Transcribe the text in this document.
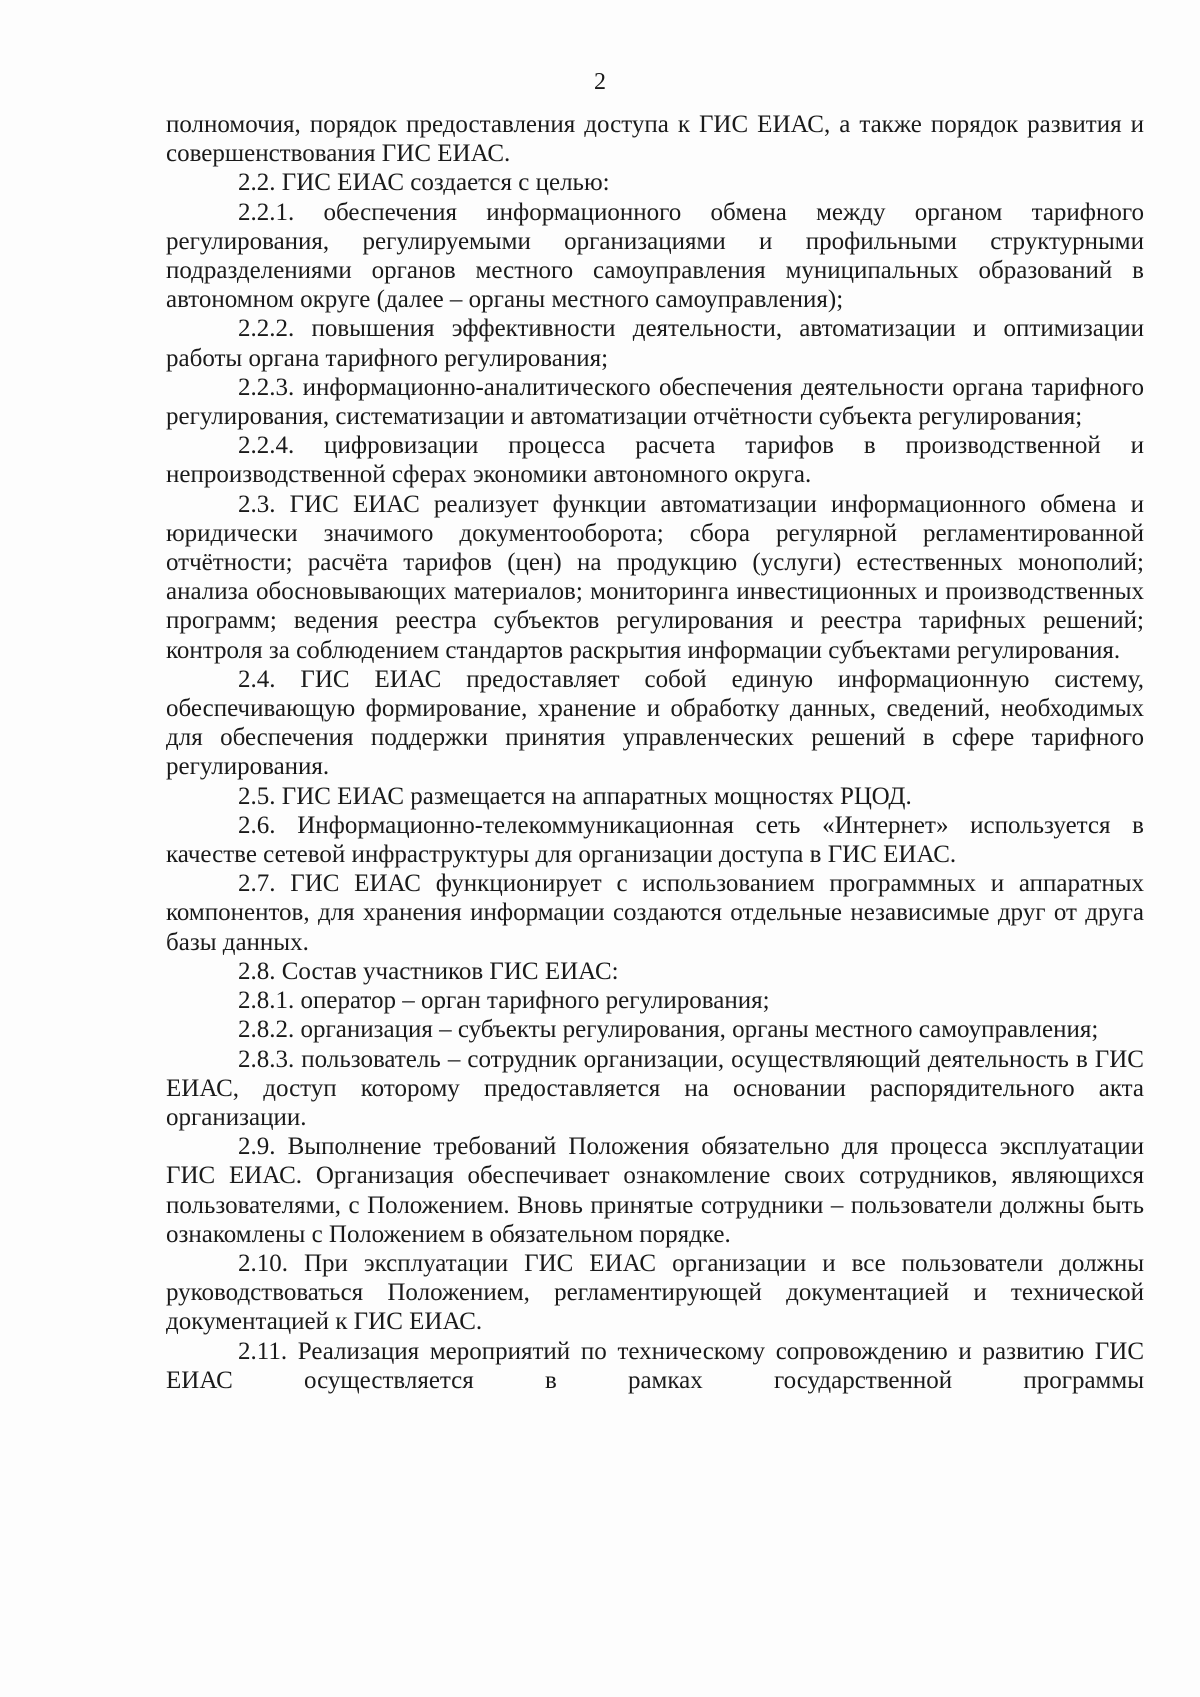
2

полномочия, порядок предоставления доступа к ГИС ЕИАС, а также порядок развития и совершенствования ГИС ЕИАС.

2.2. ГИС ЕИАС создается с целью:

2.2.1. обеспечения информационного обмена между органом тарифного регулирования, регулируемыми организациями и профильными структурными подразделениями органов местного самоуправления муниципальных образований в автономном округе (далее – органы местного самоуправления);

2.2.2. повышения эффективности деятельности, автоматизации и оптимизации работы органа тарифного регулирования;

2.2.3. информационно-аналитического обеспечения деятельности органа тарифного регулирования, систематизации и автоматизации отчётности субъекта регулирования;

2.2.4. цифровизации процесса расчета тарифов в производственной и непроизводственной сферах экономики автономного округа.

2.3. ГИС ЕИАС реализует функции автоматизации информационного обмена и юридически значимого документооборота; сбора регулярной регламентированной отчётности; расчёта тарифов (цен) на продукцию (услуги) естественных монополий; анализа обосновывающих материалов; мониторинга инвестиционных и производственных программ; ведения реестра субъектов регулирования и реестра тарифных решений; контроля за соблюдением стандартов раскрытия информации субъектами регулирования.

2.4. ГИС ЕИАС предоставляет собой единую информационную систему, обеспечивающую формирование, хранение и обработку данных, сведений, необходимых для обеспечения поддержки принятия управленческих решений в сфере тарифного регулирования.

2.5. ГИС ЕИАС размещается на аппаратных мощностях РЦОД.

2.6. Информационно-телекоммуникационная сеть «Интернет» используется в качестве сетевой инфраструктуры для организации доступа в ГИС ЕИАС.

2.7. ГИС ЕИАС функционирует с использованием программных и аппаратных компонентов, для хранения информации создаются отдельные независимые друг от друга базы данных.

2.8. Состав участников ГИС ЕИАС:

2.8.1. оператор – орган тарифного регулирования;

2.8.2. организация – субъекты регулирования, органы местного самоуправления;

2.8.3. пользователь – сотрудник организации, осуществляющий деятельность в ГИС ЕИАС, доступ которому предоставляется на основании распорядительного акта организации.

2.9. Выполнение требований Положения обязательно для процесса эксплуатации ГИС ЕИАС. Организация обеспечивает ознакомление своих сотрудников, являющихся пользователями, с Положением. Вновь принятые сотрудники – пользователи должны быть ознакомлены с Положением в обязательном порядке.

2.10. При эксплуатации ГИС ЕИАС организации и все пользователи должны руководствоваться Положением, регламентирующей документацией и технической документацией к ГИС ЕИАС.

2.11. Реализация мероприятий по техническому сопровождению и развитию ГИС ЕИАС осуществляется в рамках государственной программы
